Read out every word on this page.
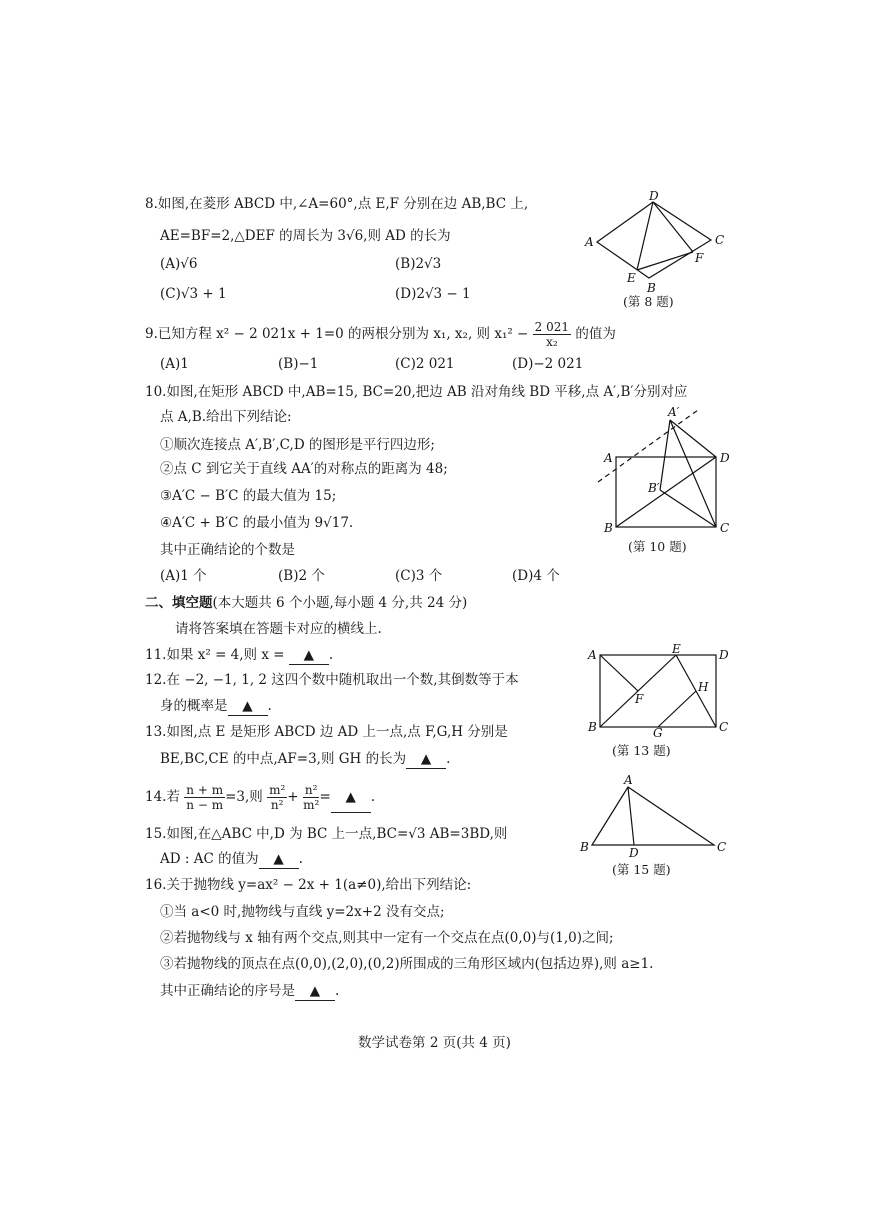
8.如图,在菱形 ABCD 中,∠A=60°,点 E,F 分别在边 AB,BC 上,
AE=BF=2,△DEF 的周长为 3√6,则 AD 的长为
(A)√6	(B)2√3
(C)√3 + 1	(D)2√3 − 1
A
B
C
D
E
F
(第 8 题)
9.已知方程 x² − 2 021x + 1=0 的两根分别为 x₁, x₂, 则 $x_1^2 - \frac{2 021}{\text{x₂}}$ 的值为
(A)1	(B)−1	(C)2 021	(D)−2 021
10.如图,在矩形 ABCD 中,AB=15, BC=20,把边 AB 沿对角线 BD 平移,点 A′,B′分别对应
点 A,B.给出下列结论:
①顺次连接点 A′,B′,C,D 的图形是平行四边形;
②点 C 到它关于直线 AA′的对称点的距离为 48;
③A′C − B′C 的最大值为 15;
④A′C + B′C 的最小值为 9√17.
其中正确结论的个数是
(A)1 个	(B)2 个	(C)3 个	(D)4 个
A′
A	D
B′
B	C
(第 10 题)
二、填空题(本大题共 6 个小题,每小题 4 分,共 24 分)
请将答案填在答题卡对应的横线上.
11.如果 x² = 4,则 x = ▲ .
12.在 −2, −1, 1, 2 这四个数中随机取出一个数,其倒数等于本
身的概率是 ▲ .
13.如图,点 E 是矩形 ABCD 边 AD 上一点,点 F,G,H 分别是
BE,BC,CE 的中点,AF=3,则 GH 的长为 ▲ .
A	E	D
H
F
B	G	C
(第 13 题)
14.若 $\frac{n + m}{n - m} =3$,则 $\frac{\text{m²}}{\text{n²}} + \frac{\text{n²}}{\text{m²}}$ = ▲ .
15.如图,在△ABC 中,D 为 BC 上一点,BC=√3 AB=3BD,则
AD : AC 的值为 ▲ .
A
B	D	C
(第 15 题)
16.关于抛物线 y=ax² − 2x + 1(a≠0),给出下列结论:
①当 a<0 时,抛物线与直线 y=2x+2 没有交点;
②若抛物线与 x 轴有两个交点,则其中一定有一个交点在点(0,0)与(1,0)之间;
③若抛物线的顶点在点(0,0),(2,0),(0,2)所围成的三角形区域内(包括边界),则 a≥1.
其中正确结论的序号是 ▲ .
数学试卷第 2 页(共 4 页)
